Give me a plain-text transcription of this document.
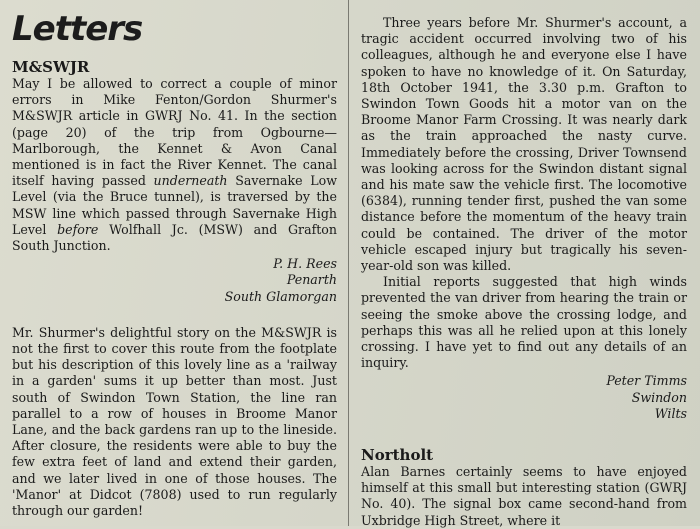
Letters
M&SWJR

May I be allowed to correct a couple of minor errors in Mike Fenton/Gordon Shurmer's M&SWJR article in GWRJ No. 41. In the section (page 20) of the trip from Ogbourne—Marlborough, the Kennet & Avon Canal mentioned is in fact the River Kennet. The canal itself having passed underneath Savernake Low Level (via the Bruce tunnel), is traversed by the MSW line which passed through Savernake High Level before Wolfhall Jc. (MSW) and Grafton South Junction.

P. H. Rees

Penarth

South Glamorgan

Mr. Shurmer's delightful story on the M&SWJR is not the first to cover this route from the footplate but his description of this lovely line as a 'railway in a garden' sums it up better than most. Just south of Swindon Town Station, the line ran parallel to a row of houses in Broome Manor Lane, and the back gardens ran up to the lineside. After closure, the residents were able to buy the few extra feet of land and extend their garden, and we later lived in one of those houses. The 'Manor' at Didcot (7808) used to run regularly through our garden!

Three years before Mr. Shurmer's account, a tragic accident occurred involving two of his colleagues, although he and everyone else I have spoken to have no knowledge of it. On Saturday, 18th October 1941, the 3.30 p.m. Grafton to Swindon Town Goods hit a motor van on the Broome Manor Farm Crossing. It was nearly dark as the train approached the nasty curve. Immediately before the crossing, Driver Townsend was looking across for the Swindon distant signal and his mate saw the vehicle first. The locomotive (6384), running tender first, pushed the van some distance before the momentum of the heavy train could be contained. The driver of the motor vehicle escaped injury but tragically his seven-year-old son was killed.

Initial reports suggested that high winds prevented the van driver from hearing the train or seeing the smoke above the crossing lodge, and perhaps this was all he relied upon at this lonely crossing. I have yet to find out any details of an inquiry.

Peter Timms

Swindon

Wilts

Northolt

Alan Barnes certainly seems to have enjoyed himself at this small but interesting station (GWRJ No. 40). The signal box came second-hand from Uxbridge High Street, where it
